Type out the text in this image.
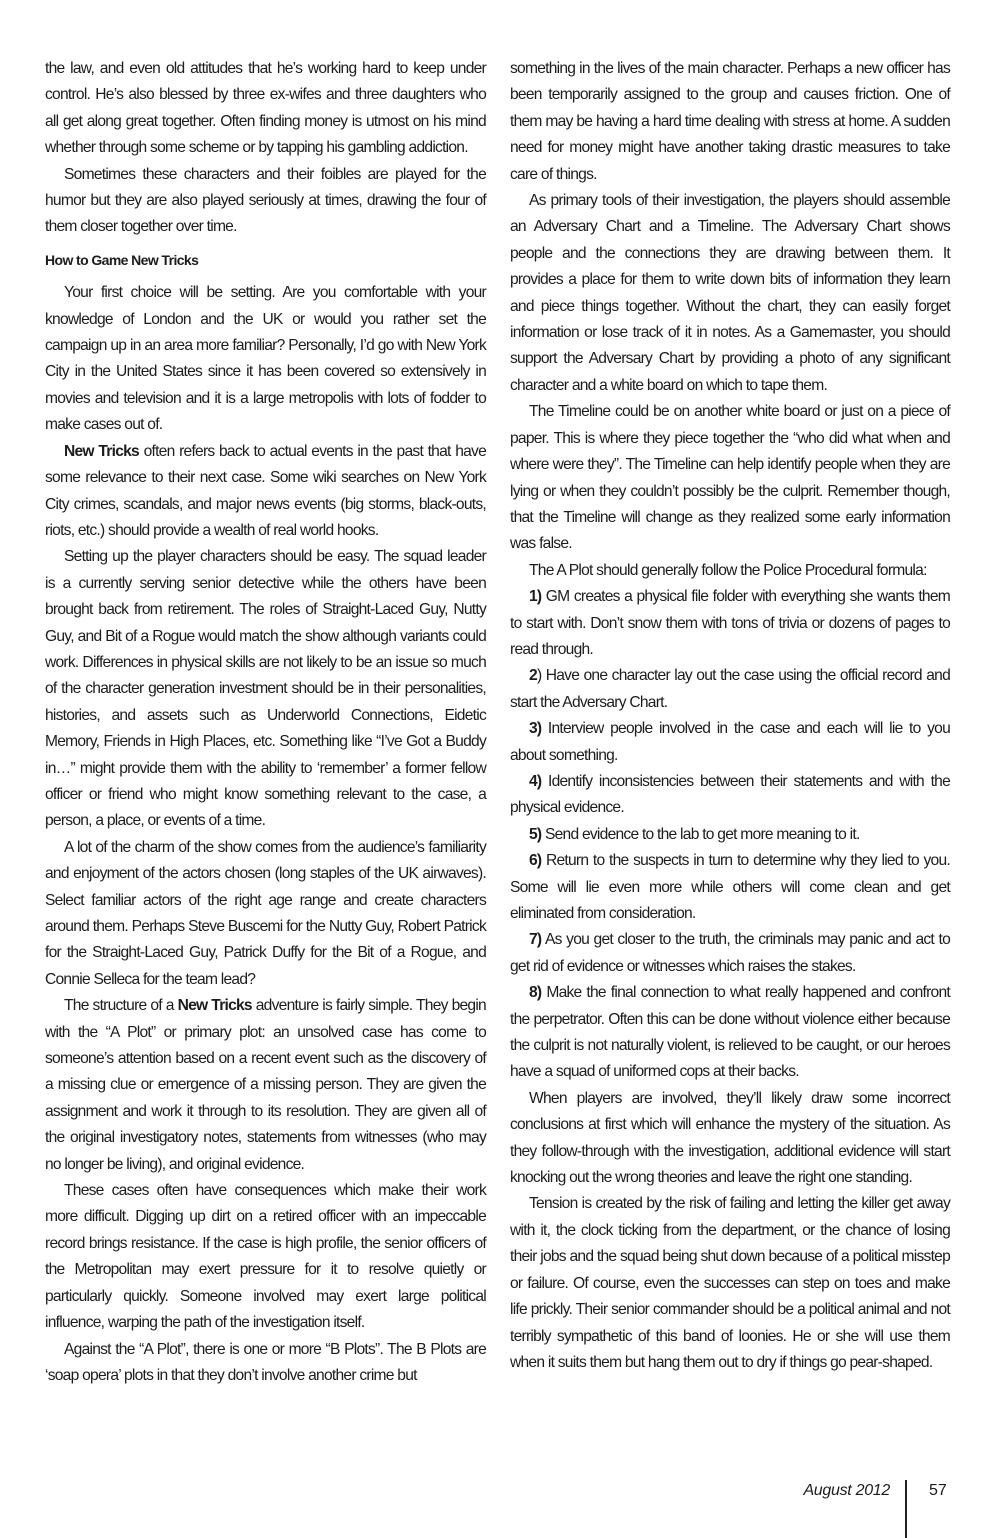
the law, and even old attitudes that he’s working hard to keep under control. He’s also blessed by three ex-wifes and three daughters who all get along great together. Often finding money is utmost on his mind whether through some scheme or by tapping his gambling addiction.

Sometimes these characters and their foibles are played for the humor but they are also played seriously at times, drawing the four of them closer together over time.

How to Game New Tricks

Your first choice will be setting. Are you comfortable with your knowledge of London and the UK or would you rather set the campaign up in an area more familiar? Personally, I’d go with New York City in the United States since it has been covered so extensively in movies and television and it is a large metropolis with lots of fodder to make cases out of.

New Tricks often refers back to actual events in the past that have some relevance to their next case. Some wiki searches on New York City crimes, scandals, and major news events (big storms, black-outs, riots, etc.) should provide a wealth of real world hooks.

Setting up the player characters should be easy. The squad leader is a currently serving senior detective while the others have been brought back from retirement. The roles of Straight-Laced Guy, Nutty Guy, and Bit of a Rogue would match the show although variants could work. Differences in physical skills are not likely to be an issue so much of the character generation investment should be in their personalities, histories, and assets such as Underworld Connections, Eidetic Memory, Friends in High Places, etc. Something like “I’ve Got a Buddy in…” might provide them with the ability to ‘remember’ a former fellow officer or friend who might know something relevant to the case, a person, a place, or events of a time.

A lot of the charm of the show comes from the audience’s familiarity and enjoyment of the actors chosen (long staples of the UK airwaves). Select familiar actors of the right age range and create characters around them. Perhaps Steve Buscemi for the Nutty Guy, Robert Patrick for the Straight-Laced Guy, Patrick Duffy for the Bit of a Rogue, and Connie Selleca for the team lead?

The structure of a New Tricks adventure is fairly simple. They begin with the “A Plot” or primary plot: an unsolved case has come to someone’s attention based on a recent event such as the discovery of a missing clue or emergence of a missing person. They are given the assignment and work it through to its resolution. They are given all of the original investigatory notes, statements from witnesses (who may no longer be living), and original evidence.

These cases often have consequences which make their work more difficult. Digging up dirt on a retired officer with an impeccable record brings resistance. If the case is high profile, the senior officers of the Metropolitan may exert pressure for it to resolve quietly or particularly quickly. Someone involved may exert large political influence, warping the path of the investigation itself.

Against the “A Plot”, there is one or more “B Plots”. The B Plots are ‘soap opera’ plots in that they don’t involve another crime but

something in the lives of the main character. Perhaps a new officer has been temporarily assigned to the group and causes friction. One of them may be having a hard time dealing with stress at home. A sudden need for money might have another taking drastic measures to take care of things.

As primary tools of their investigation, the players should assemble an Adversary Chart and a Timeline. The Adversary Chart shows people and the connections they are drawing between them. It provides a place for them to write down bits of information they learn and piece things together. Without the chart, they can easily forget information or lose track of it in notes. As a Gamemaster, you should support the Adversary Chart by providing a photo of any significant character and a white board on which to tape them.

The Timeline could be on another white board or just on a piece of paper. This is where they piece together the “who did what when and where were they”. The Timeline can help identify people when they are lying or when they couldn’t possibly be the culprit. Remember though, that the Timeline will change as they realized some early information was false.

The A Plot should generally follow the Police Procedural formula:

1) GM creates a physical file folder with everything she wants them to start with. Don’t snow them with tons of trivia or dozens of pages to read through.

2) Have one character lay out the case using the official record and start the Adversary Chart.

3) Interview people involved in the case and each will lie to you about something.

4) Identify inconsistencies between their statements and with the physical evidence.

5) Send evidence to the lab to get more meaning to it.

6) Return to the suspects in turn to determine why they lied to you. Some will lie even more while others will come clean and get eliminated from consideration.

7) As you get closer to the truth, the criminals may panic and act to get rid of evidence or witnesses which raises the stakes.

8) Make the final connection to what really happened and confront the perpetrator. Often this can be done without violence either because the culprit is not naturally violent, is relieved to be caught, or our heroes have a squad of uniformed cops at their backs.

When players are involved, they’ll likely draw some incorrect conclusions at first which will enhance the mystery of the situation. As they follow-through with the investigation, additional evidence will start knocking out the wrong theories and leave the right one standing.

Tension is created by the risk of failing and letting the killer get away with it, the clock ticking from the department, or the chance of losing their jobs and the squad being shut down because of a political misstep or failure. Of course, even the successes can step on toes and make life prickly. Their senior commander should be a political animal and not terribly sympathetic of this band of loonies. He or she will use them when it suits them but hang them out to dry if things go pear-shaped.

August 2012 57
